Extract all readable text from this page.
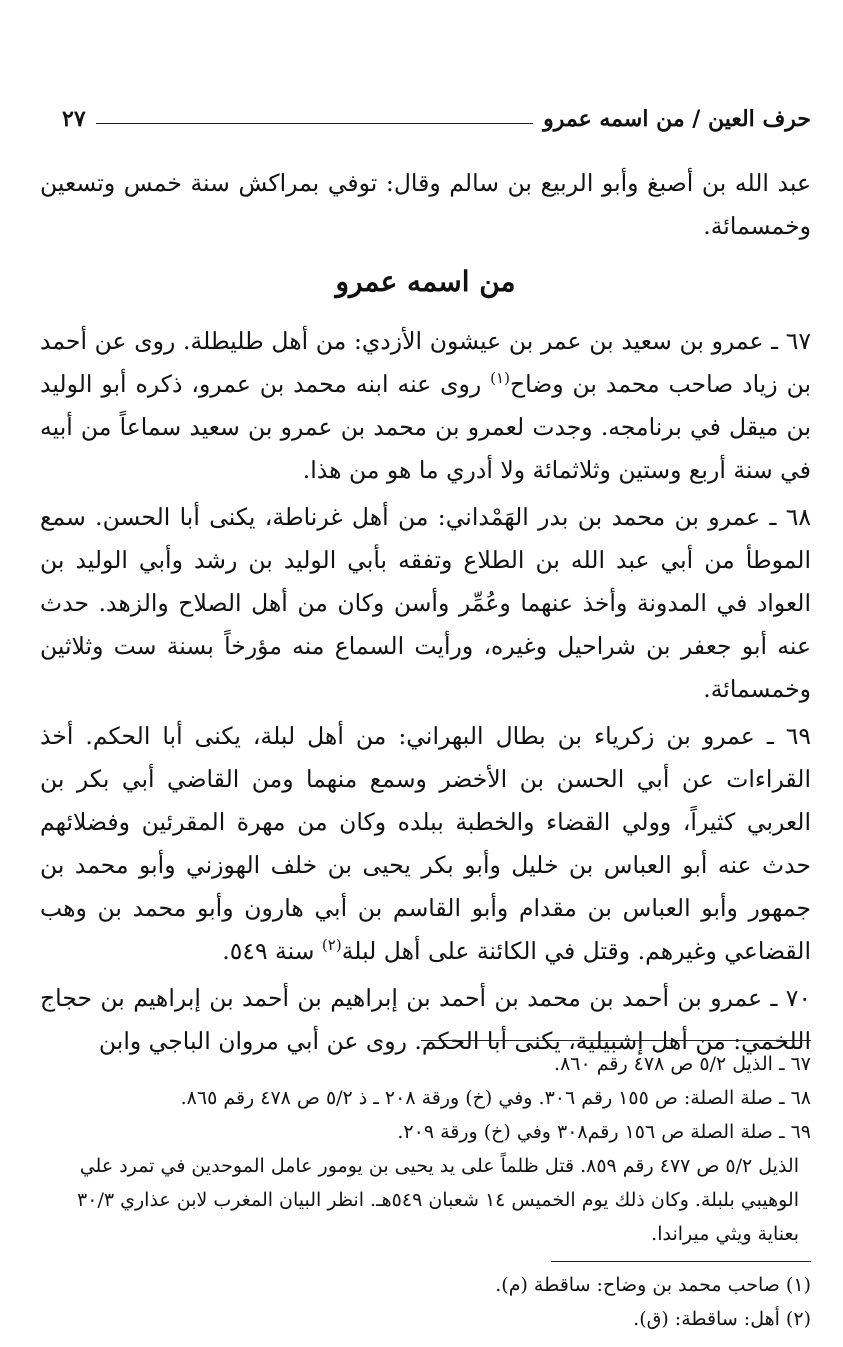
حرف العين / من اسمه عمرو
٢٧

عبد الله بن أصبغ وأبو الربيع بن سالم وقال: توفي بمراكش سنة خمس وتسعين وخمسمائة.

من اسمه عمرو

٦٧ ـ عمرو بن سعيد بن عمر بن عيشون الأزدي: من أهل طليطلة. روى عن أحمد بن زياد صاحب محمد بن وضاح$^{(١)}$ روى عنه ابنه محمد بن عمرو، ذكره أبو الوليد بن ميقل في برنامجه. وجدت لعمرو بن محمد بن عمرو بن سعيد سماعاً من أبيه في سنة أربع وستين وثلاثمائة ولا أدري ما هو من هذا.

٦٨ ـ عمرو بن محمد بن بدر الهَمْداني: من أهل غرناطة، يكنى أبا الحسن. سمع الموطأ من أبي عبد الله بن الطلاع وتفقه بأبي الوليد بن رشد وأبي الوليد بن العواد في المدونة وأخذ عنهما وعُمِّر وأسن وكان من أهل الصلاح والزهد. حدث عنه أبو جعفر بن شراحيل وغيره، ورأيت السماع منه مؤرخاً بسنة ست وثلاثين وخمسمائة.

٦٩ ـ عمرو بن زكرياء بن بطال البهراني: من أهل لبلة، يكنى أبا الحكم. أخذ القراءات عن أبي الحسن بن الأخضر وسمع منهما ومن القاضي أبي بكر بن العربي كثيراً، وولي القضاء والخطبة ببلده وكان من مهرة المقرئين وفضلائهم حدث عنه أبو العباس بن خليل وأبو بكر يحيى بن خلف الهوزني وأبو محمد بن جمهور وأبو العباس بن مقدام وأبو القاسم بن أبي هارون وأبو محمد بن وهب القضاعي وغيرهم. وقتل في الكائنة على أهل لبلة$^{(٢)}$ سنة ٥٤٩.

٧٠ ـ عمرو بن أحمد بن محمد بن أحمد بن إبراهيم بن أحمد بن إبراهيم بن حجاج اللخمي: من أهل إشبيلية، يكنى أبا الحكم. روى عن أبي مروان الباجي وابن

٦٧ ـ الذيل ٥/٢ ص ٤٧٨ رقم ٨٦٠.

٦٨ ـ صلة الصلة: ص ١٥٥ رقم ٣٠٦. وفي (خ) ورقة ٢٠٨ ـ ذ ٥/٢ ص ٤٧٨ رقم ٨٦٥.

٦٩ ـ صلة الصلة ص ١٥٦ رقم٣٠٨ وفي (خ) ورقة ٢٠٩.

الذيل ٥/٢ ص ٤٧٧ رقم ٨٥٩. قتل ظلماً على يد يحيى بن يومور عامل الموحدين في تمرد علي الوهيبي بلبلة. وكان ذلك يوم الخميس ١٤ شعبان ٥٤٩هـ. انظر البيان المغرب لابن عذاري ٣٠/٣ بعناية ويثي ميراندا.

(١) صاحب محمد بن وضاح: ساقطة (م).

(٢) أهل: ساقطة: (ق).
